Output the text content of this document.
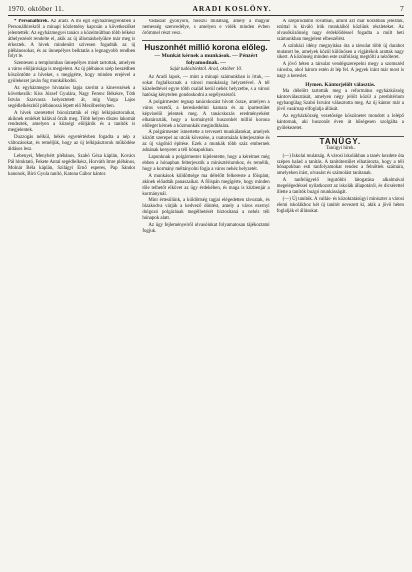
1970. október 11.	ARADI KOSLÖNY.	7

* Personalhirek. Az aradi. A mi egri egyházmegyénkben a Personálhirekről a minapi közlemény kapcsán a következőket jelentették: Az egyházmegyei tanács a közelmúltban több lelkész áthelyezését rendelte el, akik az új állomáshelyükre már meg is érkeztek. A hivek mindenütt szívesen fogadták az új plébánosokat, és az ünnepélyes beiktatás a legnagyobb rendben folyt le.

Szentesen a templomban ünnepélyes misét tartottak, amelyen a város elöljárósága is megjelent. Az új plébános szép beszédben köszöntötte a híveket, s megígérte, hogy minden erejével a gyülekezet javán fog munkálkodni.

Az egyházmegye hivatalos lapja szerint a kinevezések a következők: Kiss József Gyulára, Nagy Ferenc Békésre, Tóth István Szarvasra helyeztetett át, míg Varga Lajos segédlelkészből plébánossá lépett elő Mezőberényben.

A hivek szeretettel búcsúztatták el régi lelkipásztoraikat, akiknek emlékét hálával őrzik meg. Több helyen díszes lakomát rendeztek, amelyen a községi elöljárók és a tanítók is megjelentek.

Duzzogás nélkül, békés egyetértésben fogadta a nép a változásokat, és reméljük, hogy az új lelkipásztorok működése áldásos lesz.

Lebenyei, Menyhért plébános, Szabó Géza káplán, Kovács Pál hitoktató, Fekete Antal segédlelkész, Horváth Imre plébános, Molnár Béla káplán, Szilágyi Ernő esperes, Pap Sándor kanonok, Bíró Gyula tanító, Katona Gábor kántor.

Vadászat gyönyörű, hosszú mulatság, amely a magyar nemesség szenvedélye, s amelyen e vidék minden évben örömmel részt vesz.

Huszonhét millió korona előleg.
— Munkát kérnek a munkások. — Pénzért folyamodnak. —
Saját tudósítónktól. Arad, október 10.

Az Aradi lapok, — mint a minapi számunkban is írtuk, — sokat foglalkoznak a városi munkásság helyzetével. A tél közeledtével egyre több család kerül nehéz helyzetbe, s a városi hatóság kénytelen gondoskodni a segélyezésről.

A polgármester tegnap tanácskozást hívott össze, amelyen a város vezetői, a kereskedelmi kamara és az ipartestület képviselői jelentek meg. A tanácskozás eredményeként elhatározták, hogy a kormánytól huszonhét millió korona előleget kérnek a közmunkák megindítására.

A polgármester ismertette a tervezett munkálatokat, amelyek között szerepel az utcák kövezése, a csatornázás kiterjesztése és az új vágóhíd építése. Ezek a munkák több száz embernek adnának kenyeret a téli hónapokban.

Lapunknak a polgármester kijelentette, hogy a kérelmet még ebben a hónapban felterjesztik a minisztériumhoz, és remélik, hogy a kormány méltányolni fogja a város nehéz helyzetét.

A munkások küldöttsége ma délelőtt felkereste a főispánt, akinek előadták panaszaikat. A főispán megígérte, hogy minden tőle telhetőt elkövet az ügy érdekében, és maga is közbenjár a kormánynál.

Mint értesülünk, a küldöttség tagjai elégedetten távoztak, és bizakodva várják a kedvező döntést, amely a város ezernyi dolgozó polgárának megélhetését biztosítaná a nehéz téli hónapok alatt.

Az ügy fejleményeiről olvasóinkat folyamatosan tájékoztatni fogjuk.

A szépirodalmi rovatban, amint azt már korábban jeleztük, ezúttal is kiváló írók munkáiból közlünk részleteket. Az olvasóközönség nagy érdeklődéssel fogadta a múlt heti számunkban megjelent elbeszélést.

A színházi idény megnyitása óta a társulat több új darabot mutatott be, amelyek közül különösen a vígjátékok arattak nagy sikert. A közönség minden este zsúfolásig megtölti a nézőteret.

A jövő héten a társulat vendégszerepelni megy a szomszéd városba, ahol három estén át lép fel. A jegyek iránt már most is nagy a kereslet.

Hymen. Kántorjelölt választás.

Ma délelőtt tartották meg a református egyházközség kántorválasztását, amelyen négy jelölt közül a presbitérium egyhangúlag Szabó Istvánt választotta meg. Az új kántor már a jövő vasárnap elfoglalja állását.

Az egyházközség vezetősége köszönetet mondott a lelépő kántornak, aki huszonöt éven át hűségesen szolgálta a gyülekezetet.

TANÜGY.
Tanügyi hírek.

(—) Iskolai mulatság. A városi iskolákban a tanév kezdete óta szépen halad a tanítás. A tanítótestület elhatározta, hogy a téli hónapokban esti tanfolyamokat rendez a felnőttek számára, amelyeken írást, olvasást és számolást tanítanak.

A tanfelügyelő legutóbbi látogatása alkalmával megelégedéssel nyilatkozott az iskolák állapotáról, és dicsérettel illette a tanítók buzgó munkásságát.

(—) Új tanítók. A vallás- és közoktatásügyi miniszter a városi elemi iskolákhoz két új tanítót nevezett ki, akik a jövő héten foglalják el állásukat.
